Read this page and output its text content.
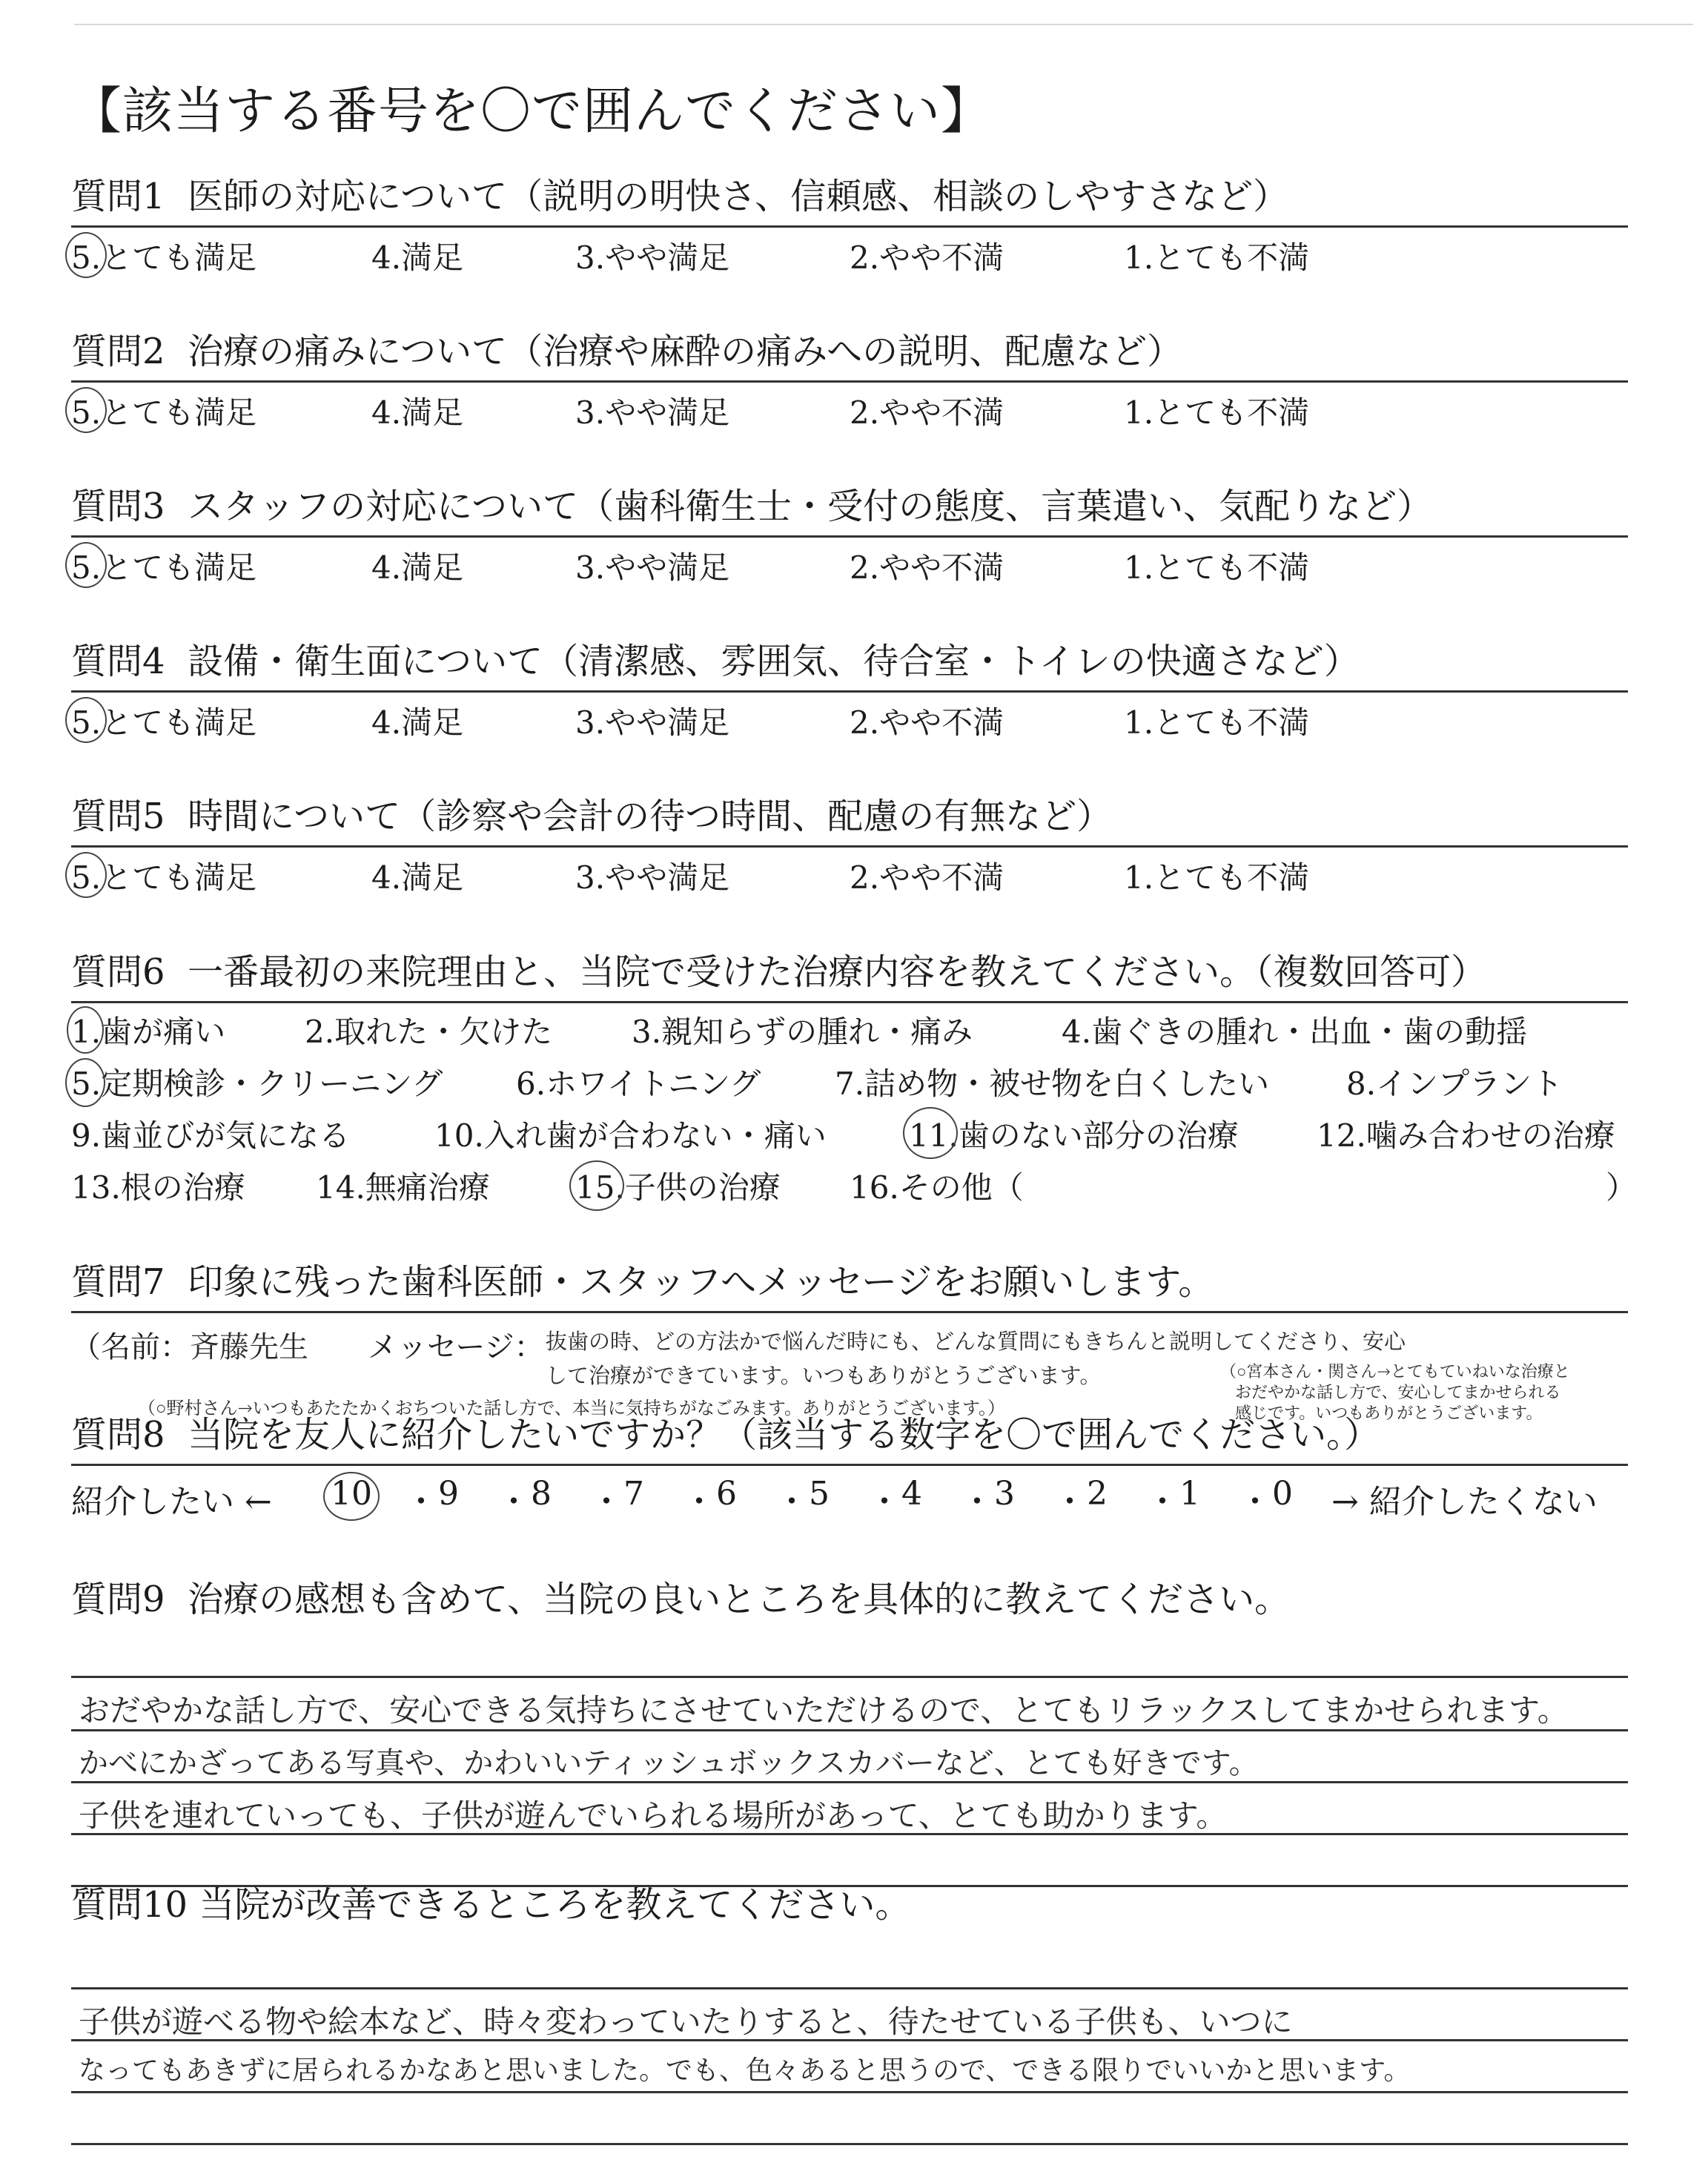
【該当する番号を〇で囲んでください】
質問1 医師の対応について（説明の明快さ、信頼感、相談のしやすさなど）
5.とても満足	4.満足	3.やや満足	2.やや不満	1.とても不満
質問2 治療の痛みについて（治療や麻酔の痛みへの説明、配慮など）
5.とても満足	4.満足	3.やや満足	2.やや不満	1.とても不満
質問3 スタッフの対応について（歯科衛生士・受付の態度、言葉遣い、気配りなど）
5.とても満足	4.満足	3.やや満足	2.やや不満	1.とても不満
質問4 設備・衛生面について（清潔感、雰囲気、待合室・トイレの快適さなど）
5.とても満足	4.満足	3.やや満足	2.やや不満	1.とても不満
質問5 時間について（診察や会計の待つ時間、配慮の有無など）
5.とても満足	4.満足	3.やや満足	2.やや不満	1.とても不満
質問6 一番最初の来院理由と、当院で受けた治療内容を教えてください。（複数回答可）
1.歯が痛い	2.取れた・欠けた	3.親知らずの腫れ・痛み	4.歯ぐきの腫れ・出血・歯の動揺
5.定期検診・クリーニング 6.ホワイトニング 7.詰め物・被せ物を白くしたい 8.インプラント
9.歯並びが気になる	10.入れ歯が合わない・痛い	11.歯のない部分の治療	12.噛み合わせの治療
13.根の治療 14.無痛治療	15.子供の治療 16.その他（	）
質問7 印象に残った歯科医師・スタッフへメッセージをお願いします。
（名前：斉藤先生 メッセージ： 抜歯の時、どの方法かで悩んだ時にも、どんな質問にもきちんと説明してくださり、安心
して治療ができています。いつもありがとうございます。
（○野村さん→いつもあたたかくおちついた話し方で、本当に気持ちがなごみます。ありがとうございます。）
（○宮本さん・関さん→とてもていねいな治療と
おだやかな話し方で、安心してまかせられる
感じです。いつもありがとうございます。
質問8 当院を友人に紹介したいですか？（該当する数字を〇で囲んでください。）
紹介したい ← 10 ・ 9 ・ 8 ・ 7 ・ 6 ・ 5 ・ 4 ・ 3 ・ 2 ・ 1 ・ 0 → 紹介したくない
質問9 治療の感想も含めて、当院の良いところを具体的に教えてください。
おだやかな話し方で、安心できる気持ちにさせていただけるので、とてもリラックスしてまかせられます。
かべにかざってある写真や、かわいいティッシュボックスカバーなど、とても好きです。
子供を連れていっても、子供が遊んでいられる場所があって、とても助かります。
質問10 当院が改善できるところを教えてください。
子供が遊べる物や絵本など、時々変わっていたりすると、待たせている子供も、いつに
なってもあきずに居られるかなあと思いました。でも、色々あると思うので、できる限りでいいかと思います。
